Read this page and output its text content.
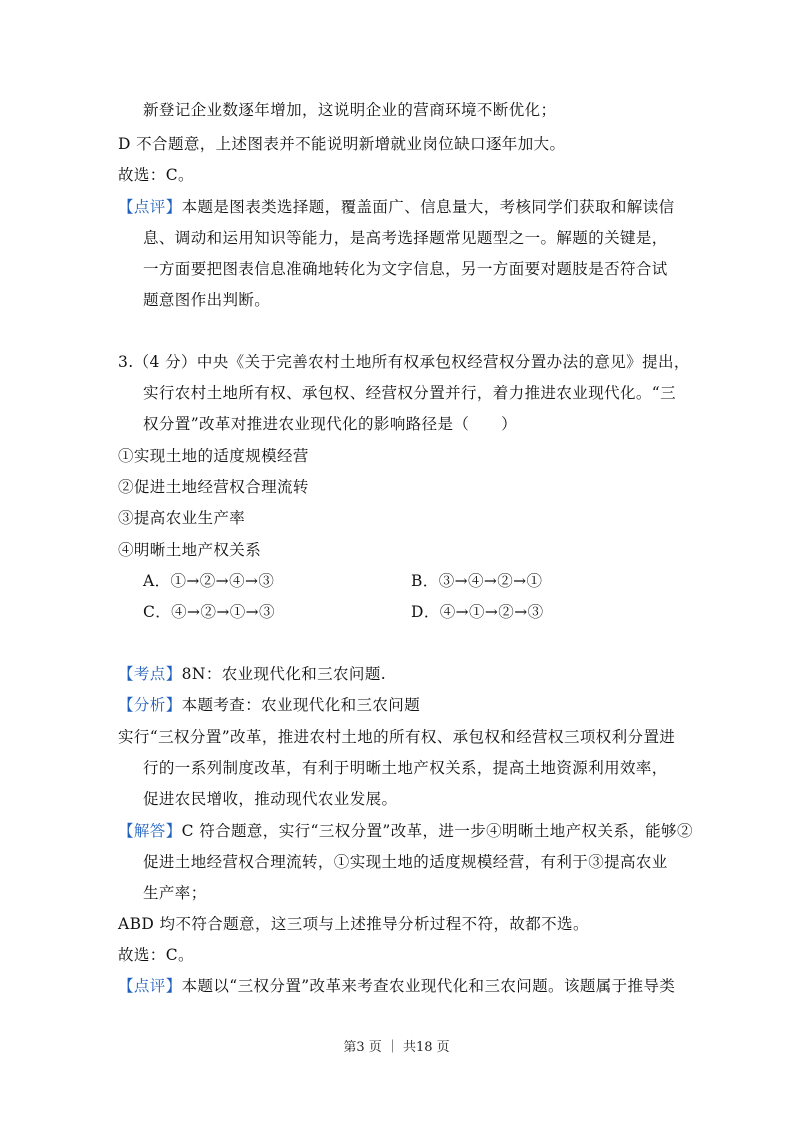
新登记企业数逐年增加，这说明企业的营商环境不断优化；
D 不合题意，上述图表并不能说明新增就业岗位缺口逐年加大。
故选：C。
【点评】本题是图表类选择题，覆盖面广、信息量大，考核同学们获取和解读信
息、调动和运用知识等能力，是高考选择题常见题型之一。解题的关键是，
一方面要把图表信息准确地转化为文字信息，另一方面要对题肢是否符合试
题意图作出判断。
3.（4 分）中央《关于完善农村土地所有权承包权经营权分置办法的意见》提出，
实行农村土地所有权、承包权、经营权分置并行，着力推进农业现代化。“三
权分置”改革对推进农业现代化的影响路径是（　　）
①实现土地的适度规模经营
②促进土地经营权合理流转
③提高农业生产率
④明晰土地产权关系
A．①→②→④→③	B．③→④→②→①
C．④→②→①→③	D．④→①→②→③
【考点】8N：农业现代化和三农问题.
【分析】本题考查：农业现代化和三农问题
实行“三权分置”改革，推进农村土地的所有权、承包权和经营权三项权利分置进
行的一系列制度改革，有利于明晰土地产权关系，提高土地资源利用效率，
促进农民增收，推动现代农业发展。
【解答】C 符合题意，实行“三权分置”改革，进一步④明晰土地产权关系，能够②
促进土地经营权合理流转，①实现土地的适度规模经营，有利于③提高农业
生产率；
ABD 均不符合题意，这三项与上述推导分析过程不符，故都不选。
故选：C。
【点评】本题以“三权分置”改革来考查农业现代化和三农问题。该题属于推导类
第3 页 ｜ 共18 页
